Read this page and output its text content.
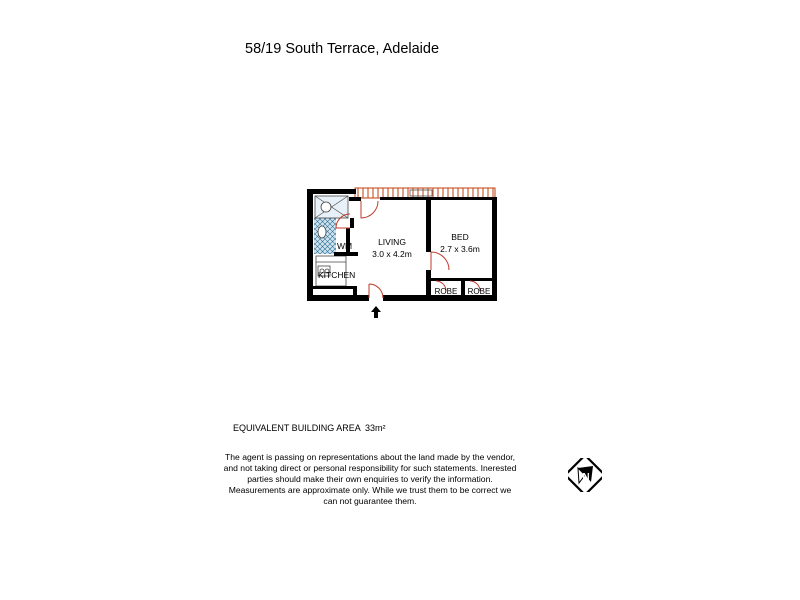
58/19 South Terrace, Adelaide
LIVING
3.0 x 4.2m
BED
2.7 x 3.6m
KITCHEN
WM
ROBE ROBE
EQUIVALENT BUILDING AREA 33m²
The agent is passing on representations about the land made by the vendor, and not taking direct or personal responsibility for such statements. Inerested parties should make their own enquiries to verify the information. Measurements are approximate only. While we trust them to be correct we can not guarantee them.
N
